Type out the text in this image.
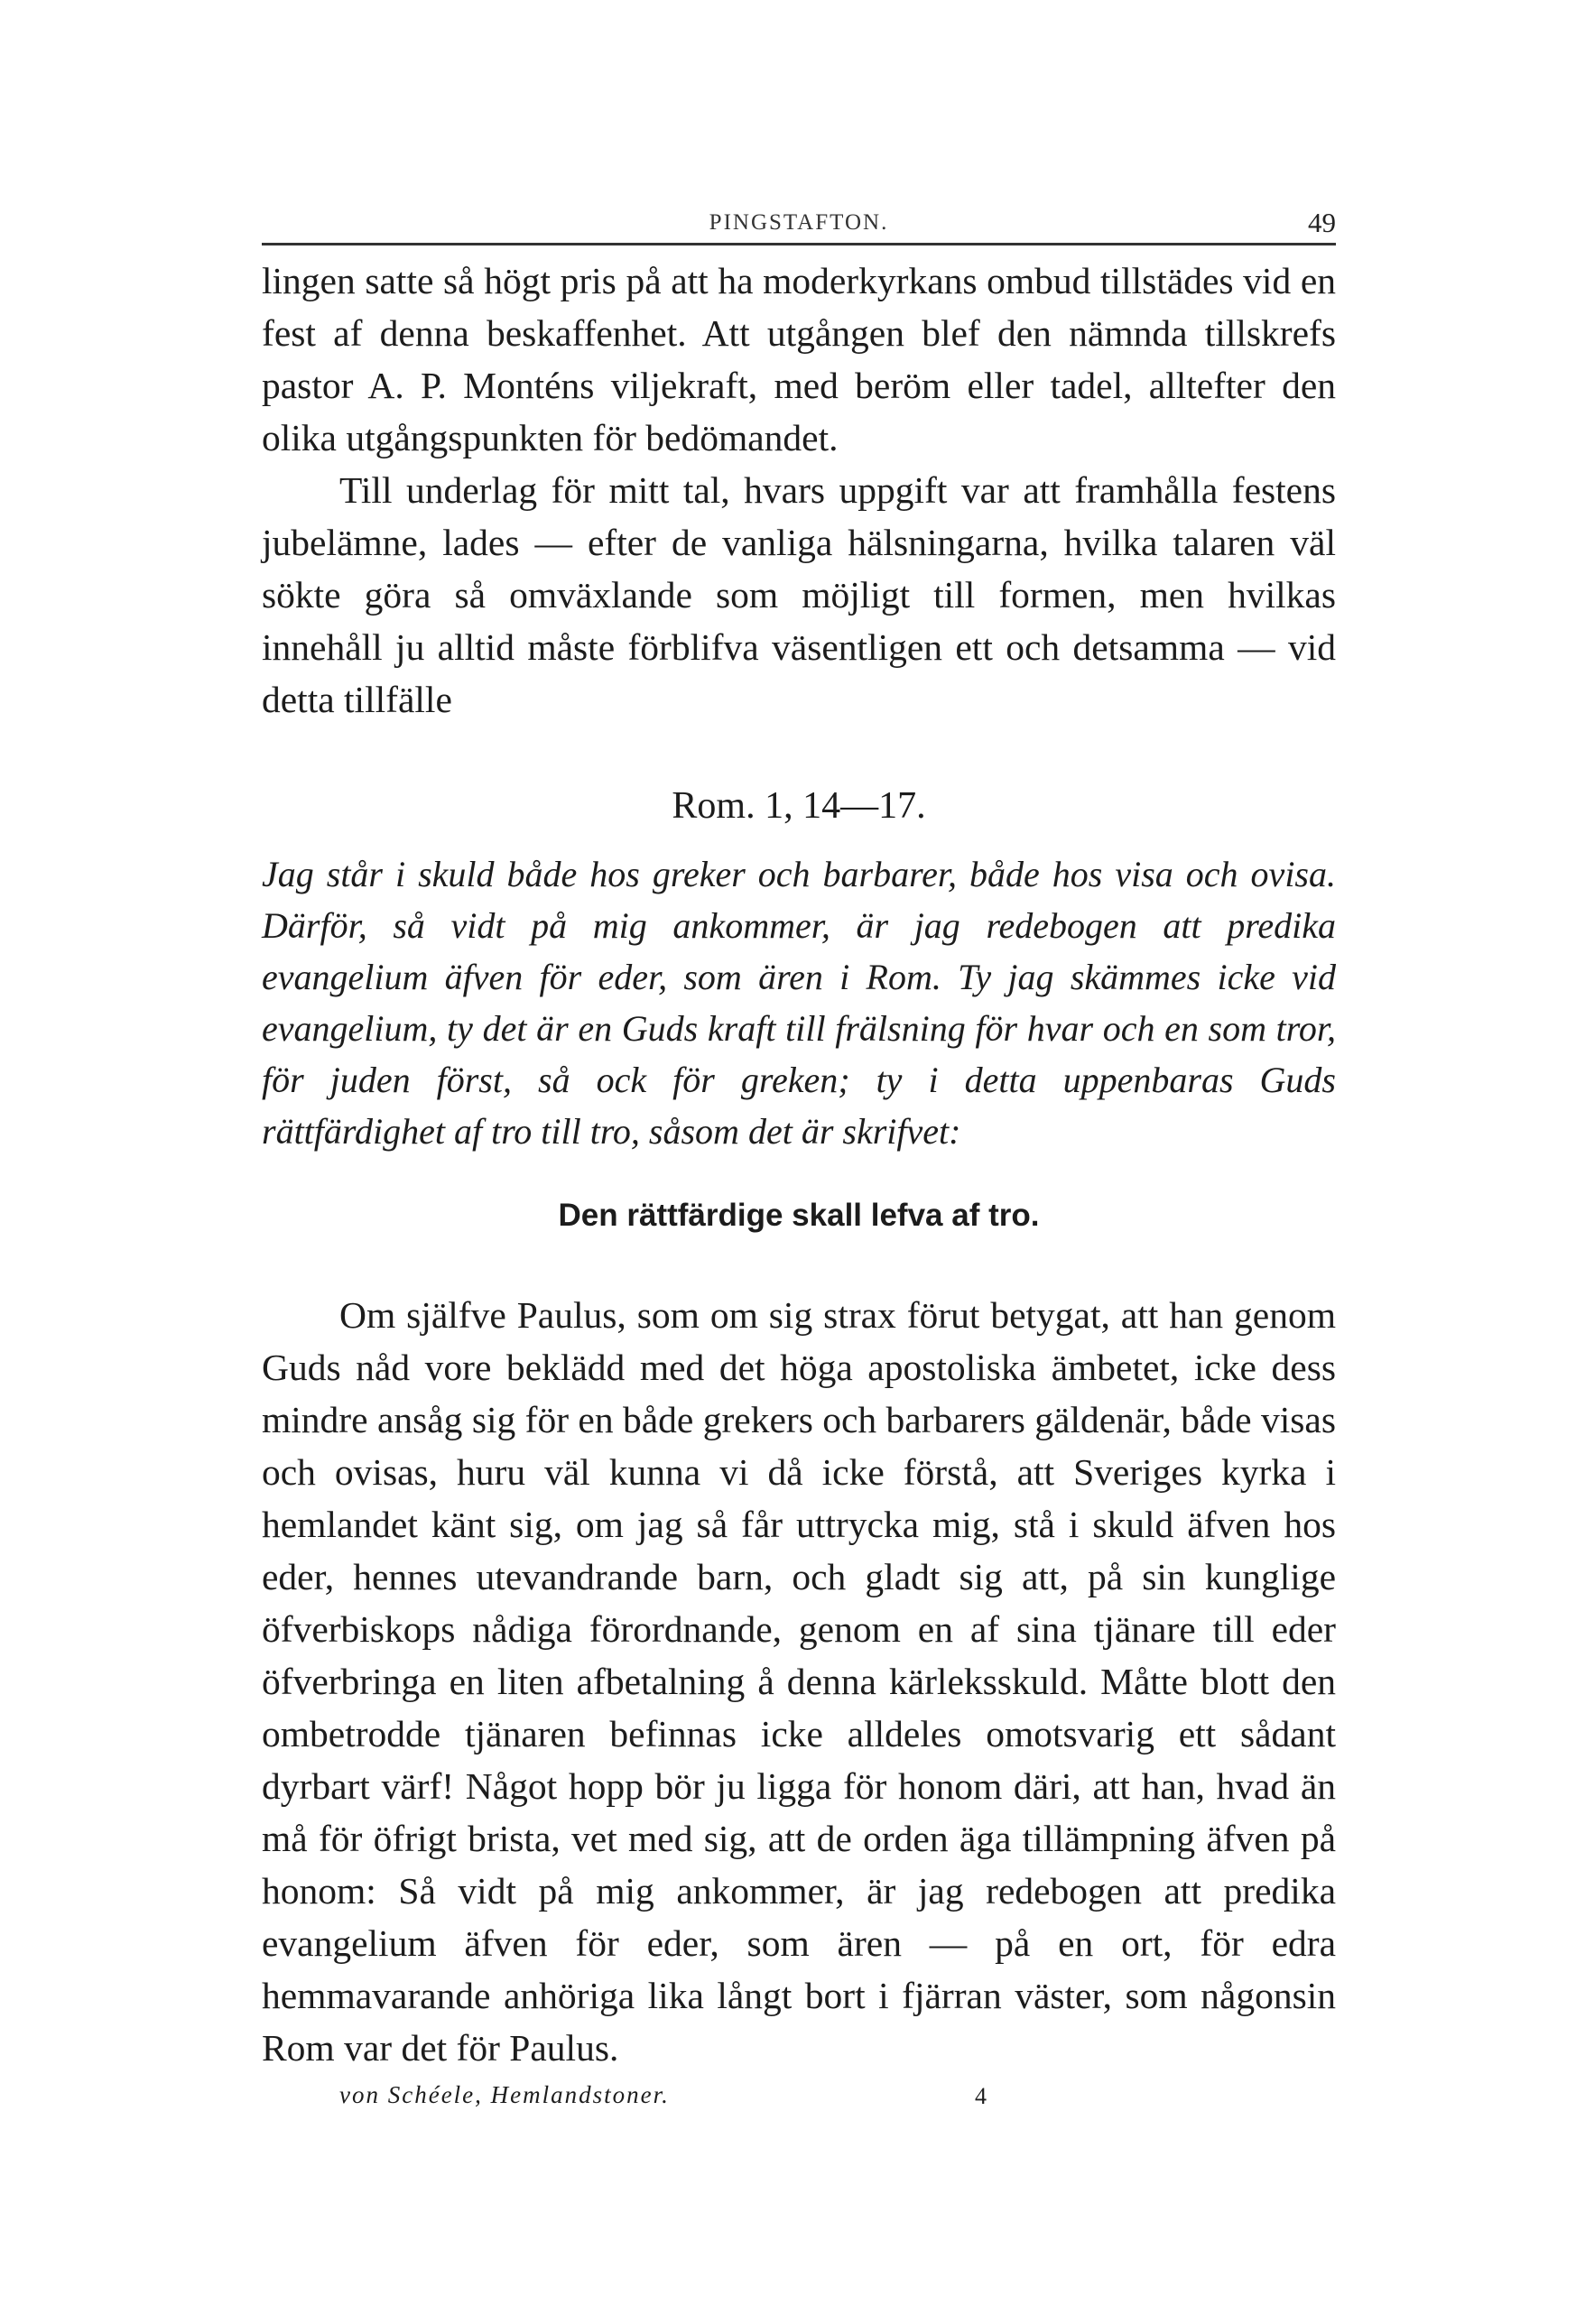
PINGSTAFTON.	49

lingen satte så högt pris på att ha moderkyrkans ombud tillstädes vid en fest af denna beskaffenhet. Att utgången blef den nämnda tillskrefs pastor A. P. Monténs viljekraft, med beröm eller tadel, alltefter den olika utgångspunkten för bedömandet.

Till underlag för mitt tal, hvars uppgift var att framhålla festens jubelämne, lades — efter de vanliga hälsningarna, hvilka talaren väl sökte göra så omväxlande som möjligt till formen, men hvilkas innehåll ju alltid måste förblifva väsentligen ett och detsamma — vid detta tillfälle

Rom. 1, 14—17.

Jag står i skuld både hos greker och barbarer, både hos visa och ovisa. Därför, så vidt på mig ankommer, är jag redebogen att predika evangelium äfven för eder, som ären i Rom. Ty jag skämmes icke vid evangelium, ty det är en Guds kraft till frälsning för hvar och en som tror, för juden först, så ock för greken; ty i detta uppenbaras Guds rättfärdighet af tro till tro, såsom det är skrifvet:

Den rättfärdige skall lefva af tro.

Om själfve Paulus, som om sig strax förut betygat, att han genom Guds nåd vore beklädd med det höga apostoliska ämbetet, icke dess mindre ansåg sig för en både grekers och barbarers gäldenär, både visas och ovisas, huru väl kunna vi då icke förstå, att Sveriges kyrka i hemlandet känt sig, om jag så får uttrycka mig, stå i skuld äfven hos eder, hennes utevandrande barn, och gladt sig att, på sin kunglige öfverbiskops nådiga förordnande, genom en af sina tjänare till eder öfverbringa en liten afbetalning å denna kärleksskuld. Måtte blott den ombetrodde tjänaren befinnas icke alldeles omotsvarig ett sådant dyrbart värf! Något hopp bör ju ligga för honom däri, att han, hvad än må för öfrigt brista, vet med sig, att de orden äga tillämpning äfven på honom: Så vidt på mig ankommer, är jag redebogen att predika evangelium äfven för eder, som ären — på en ort, för edra hemmavarande anhöriga lika långt bort i fjärran väster, som någonsin Rom var det för Paulus.

von Schéele, Hemlandstoner.	4
